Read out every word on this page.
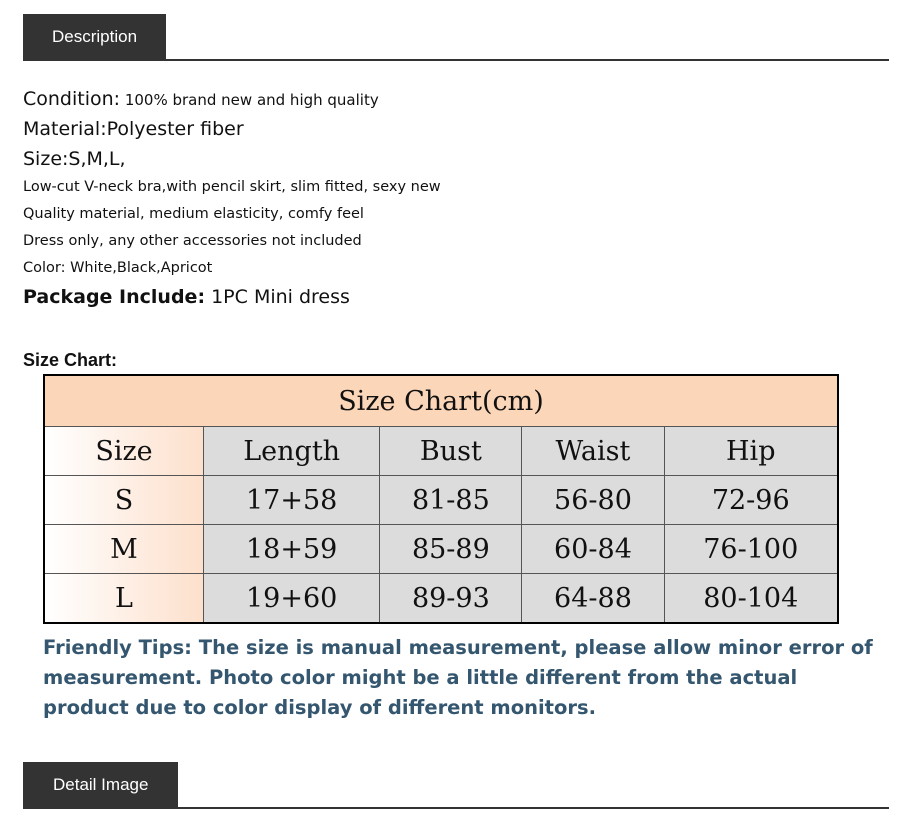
Description
Condition: 100% brand new and high quality
Material:Polyester fiber
Size:S,M,L,
Low-cut V-neck bra,with pencil skirt, slim fitted, sexy new
Quality material, medium elasticity, comfy feel
Dress only, any other accessories not included
Color: White,Black,Apricot
Package Include: 1PC Mini dress
Size Chart:
Size Chart(cm)				
Size	Length	Bust	Waist	Hip
S	17+58	81-85	56-80	72-96
M	18+59	85-89	60-84	76-100
L	19+60	89-93	64-88	80-104
Friendly Tips: The size is manual measurement, please allow minor error of measurement. Photo color might be a little different from the actual product due to color display of different monitors.
Detail Image
